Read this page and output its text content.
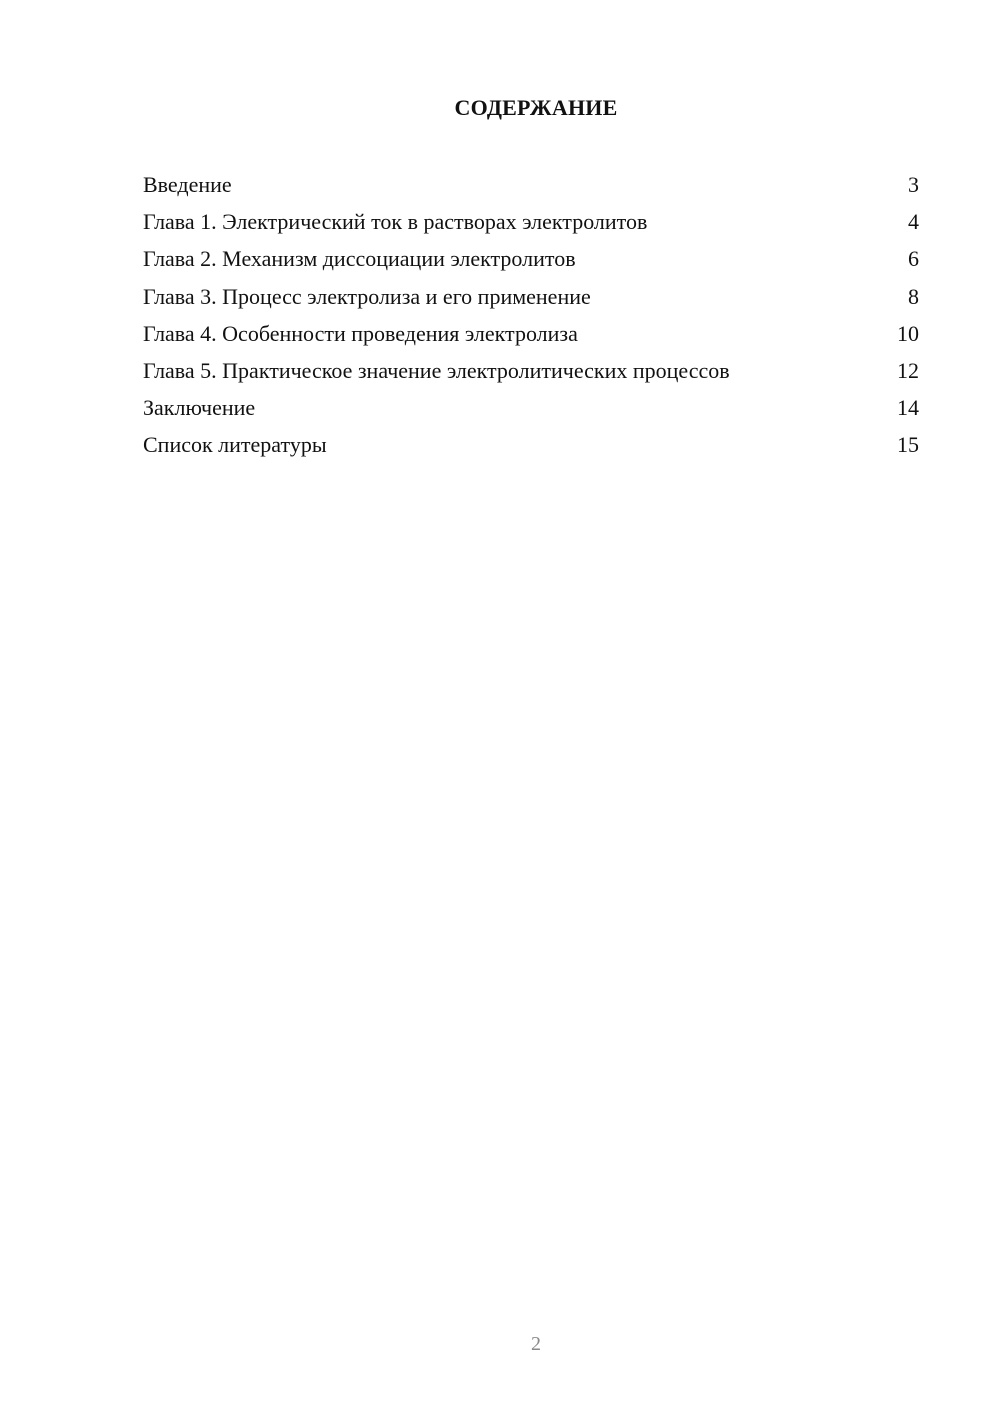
СОДЕРЖАНИЕ
Введение	3
Глава 1. Электрический ток в растворах электролитов	4
Глава 2. Механизм диссоциации электролитов	6
Глава 3. Процесс электролиза и его применение	8
Глава 4. Особенности проведения электролиза	10
Глава 5. Практическое значение электролитических процессов	12
Заключение	14
Список литературы	15
2
